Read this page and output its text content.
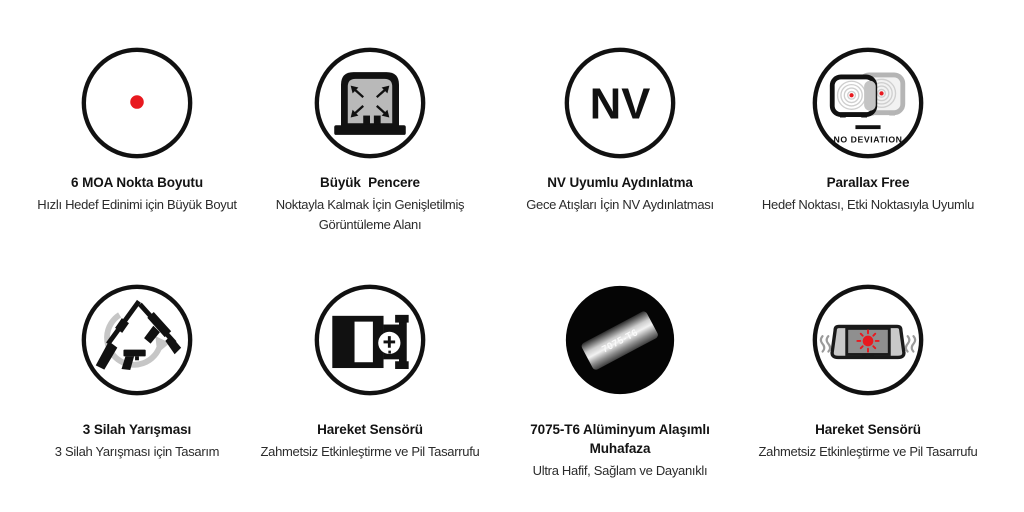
6 MOA Nokta Boyutu
Hızlı Hedef Edinimi için Büyük Boyut
Büyük  Pencere
Noktayla Kalmak İçin Genişletilmiş Görüntüleme Alanı
NV
NV Uyumlu Aydınlatma
Gece Atışları İçin NV Aydınlatması
NO DEVIATION
Parallax Free
Hedef Noktası, Etki Noktasıyla Uyumlu
3 Silah Yarışması
3 Silah Yarışması için Tasarım
Hareket Sensörü
Zahmetsiz Etkinleştirme ve Pil Tasarrufu
7075-T6
7075-T6 Alüminyum Alaşımlı Muhafaza
Ultra Hafif, Sağlam ve Dayanıklı
Hareket Sensörü
Zahmetsiz Etkinleştirme ve Pil Tasarrufu
